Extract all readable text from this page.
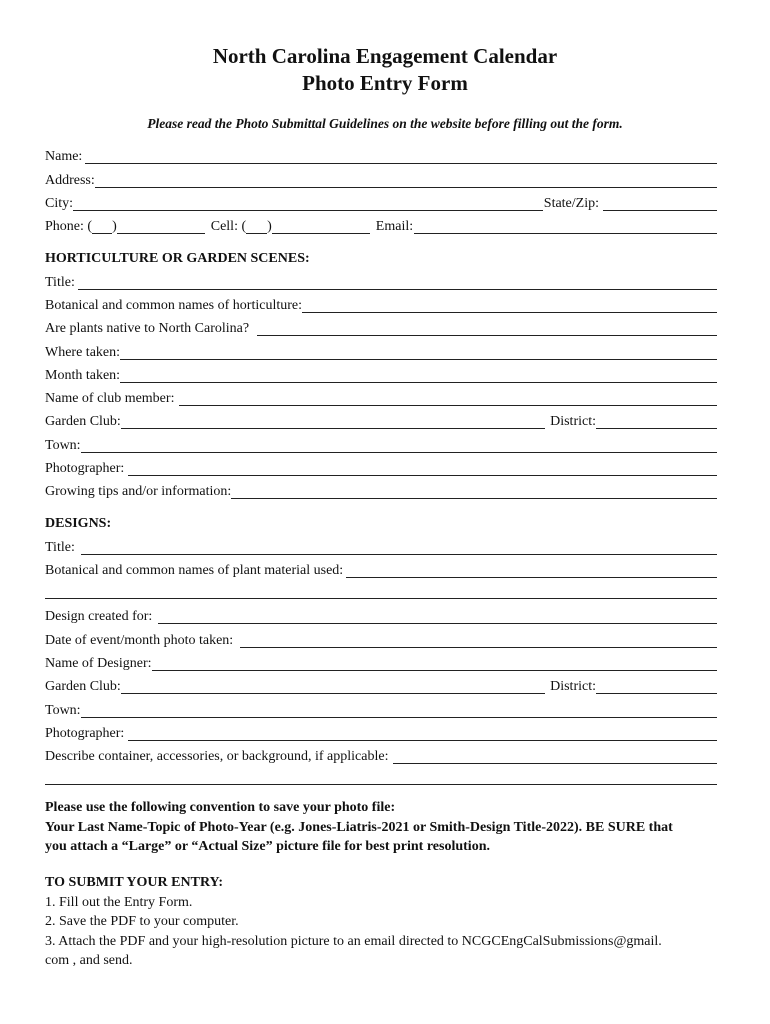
North Carolina Engagement Calendar
Photo Entry Form
Please read the Photo Submittal Guidelines on the website before filling out the form.
Name:
Address:
City:	State/Zip:
Phone: ( )	Cell: ( )	Email:
HORTICULTURE OR GARDEN SCENES:
Title:
Botanical and common names of horticulture:
Are plants native to North Carolina?
Where taken:
Month taken:
Name of club member:
Garden Club:	District:
Town:
Photographer:
Growing tips and/or information:
DESIGNS:
Title:
Botanical and common names of plant material used:
Design created for:
Date of event/month photo taken:
Name of Designer:
Garden Club:	District:
Town:
Photographer:
Describe container, accessories, or background, if applicable:
Please use the following convention to save your photo file:
Your Last Name-Topic of Photo-Year (e.g. Jones-Liatris-2021 or Smith-Design Title-2022). BE SURE that
you attach a “Large” or “Actual Size” picture file for best print resolution.
TO SUBMIT YOUR ENTRY:
1. Fill out the Entry Form.
2. Save the PDF to your computer.
3. Attach the PDF and your high-resolution picture to an email directed to NCGCEngCalSubmissions@gmail.
com , and send.
